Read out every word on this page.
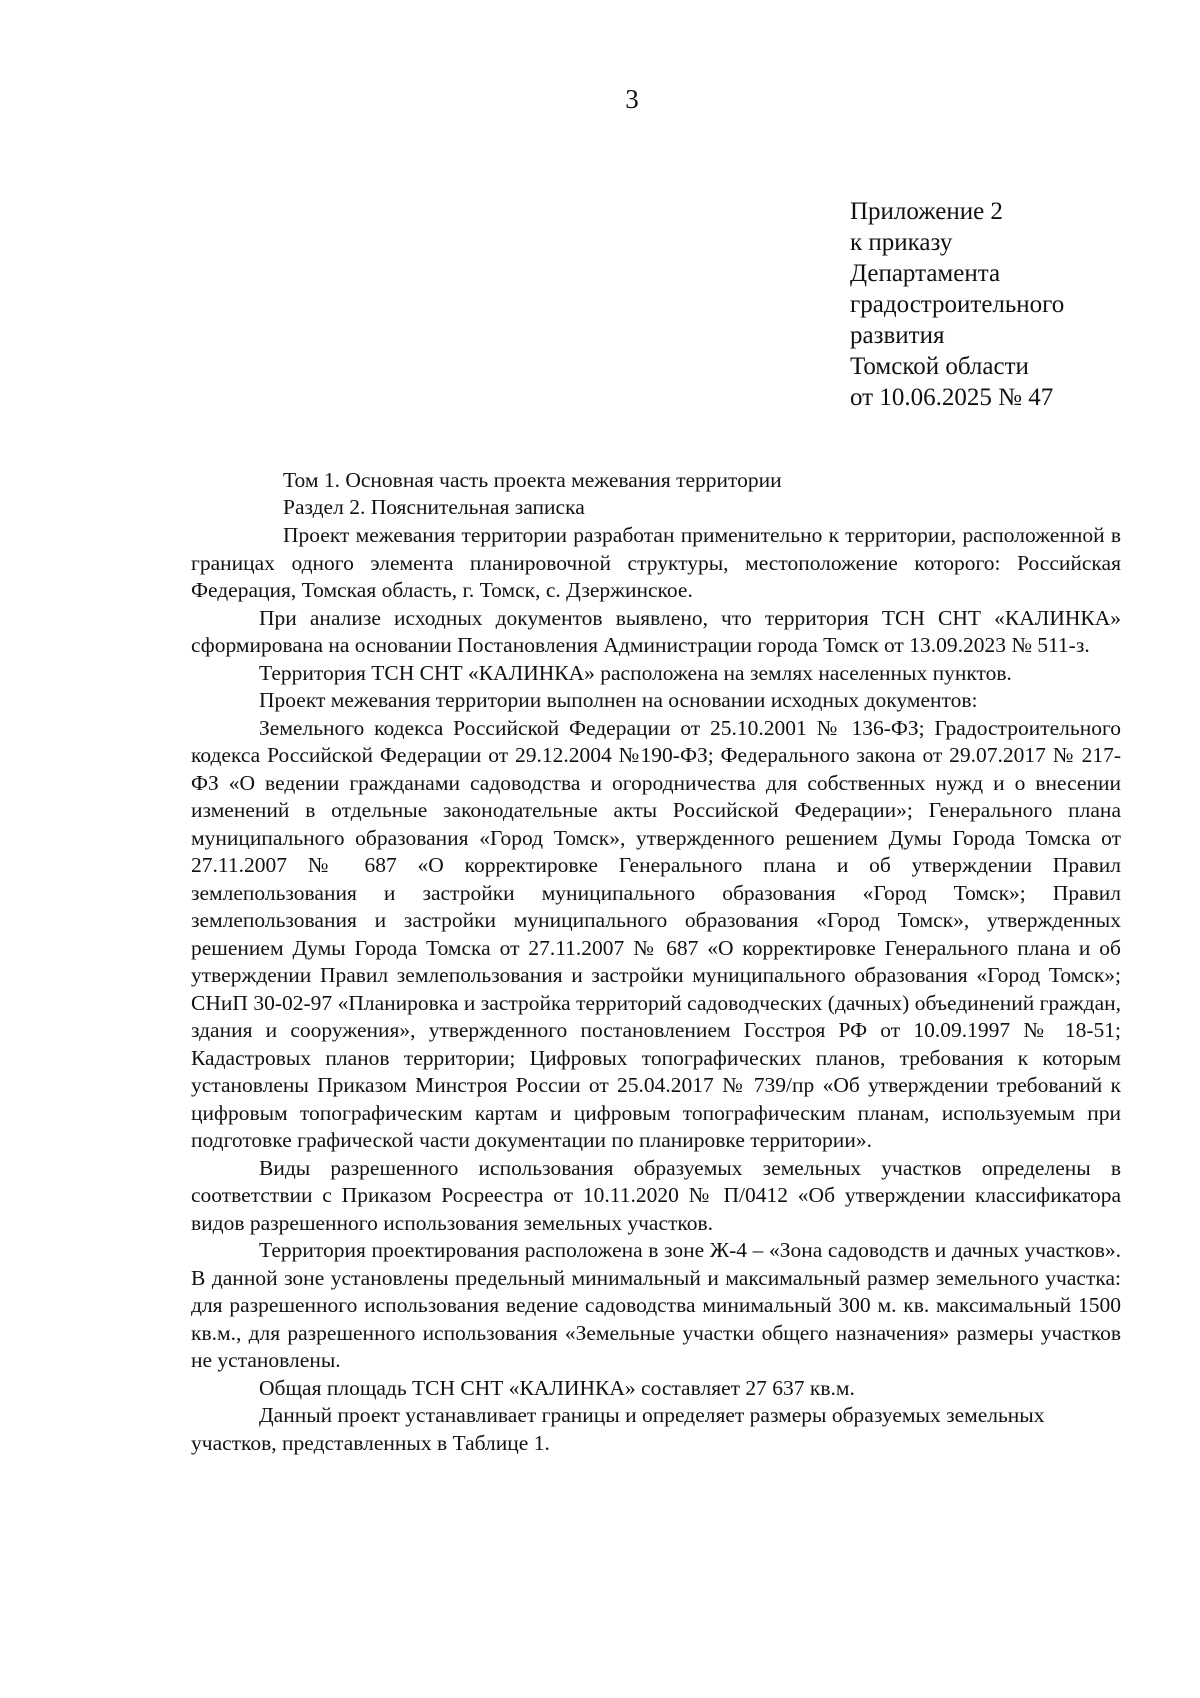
3
Приложение 2
к приказу
Департамента
градостроительного
развития
Томской области
от 10.06.2025 № 47
Том 1. Основная часть проекта межевания территории
Раздел 2. Пояснительная записка

Проект межевания территории разработан применительно к территории, расположенной в границах одного элемента планировочной структуры, местоположение которого: Российская Федерация, Томская область, г. Томск, с. Дзержинское.

При анализе исходных документов выявлено, что территория ТСН СНТ «КАЛИНКА» сформирована на основании Постановления Администрации города Томск от 13.09.2023 № 511-з.

Территория ТСН СНТ «КАЛИНКА» расположена на землях населенных пунктов.

Проект межевания территории выполнен на основании исходных документов:

Земельного кодекса Российской Федерации от 25.10.2001 № 136-ФЗ; Градостроительного кодекса Российской Федерации от 29.12.2004 №190-ФЗ; Федерального закона от 29.07.2017 № 217-ФЗ «О ведении гражданами садоводства и огородничества для собственных нужд и о внесении изменений в отдельные законодательные акты Российской Федерации»; Генерального плана муниципального образования «Город Томск», утвержденного решением Думы Города Томска от 27.11.2007 № 687 «О корректировке Генерального плана и об утверждении Правил землепользования и застройки муниципального образования «Город Томск»; Правил землепользования и застройки муниципального образования «Город Томск», утвержденных решением Думы Города Томска от 27.11.2007 № 687 «О корректировке Генерального плана и об утверждении Правил землепользования и застройки муниципального образования «Город Томск»; СНиП 30-02-97 «Планировка и застройка территорий садоводческих (дачных) объединений граждан, здания и сооружения», утвержденного постановлением Госстроя РФ от 10.09.1997 № 18-51; Кадастровых планов территории; Цифровых топографических планов, требования к которым установлены Приказом Минстроя России от 25.04.2017 № 739/пр «Об утверждении требований к цифровым топографическим картам и цифровым топографическим планам, используемым при подготовке графической части документации по планировке территории».

Виды разрешенного использования образуемых земельных участков определены в соответствии с Приказом Росреестра от 10.11.2020 № П/0412 «Об утверждении классификатора видов разрешенного использования земельных участков.

Территория проектирования расположена в зоне Ж-4 – «Зона садоводств и дачных участков». В данной зоне установлены предельный минимальный и максимальный размер земельного участка: для разрешенного использования ведение садоводства минимальный 300 м. кв. максимальный 1500 кв.м., для разрешенного использования «Земельные участки общего назначения» размеры участков не установлены.

Общая площадь ТСН СНТ «КАЛИНКА» составляет 27 637 кв.м.

Данный проект устанавливает границы и определяет размеры образуемых земельных участков, представленных в Таблице 1.
